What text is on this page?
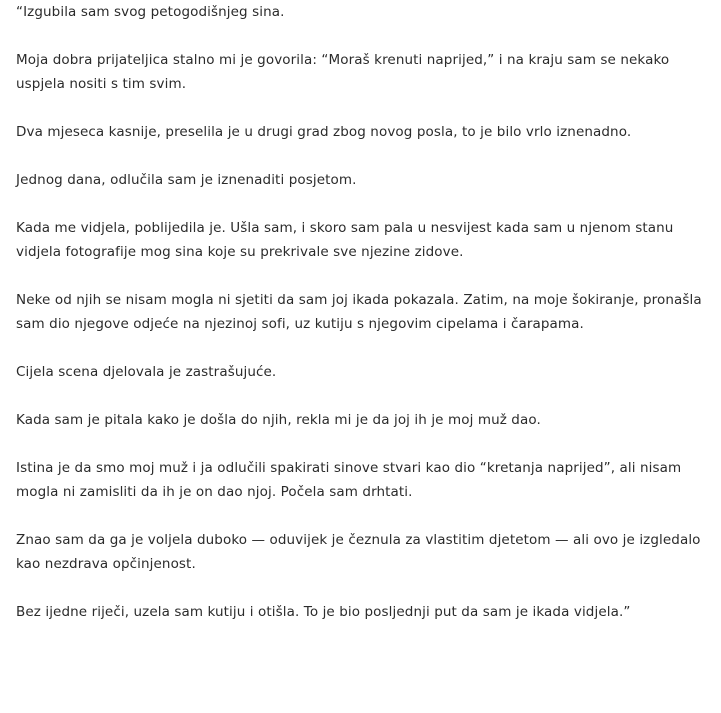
“Izgubila sam svog petogodišnjeg sina.

Moja dobra prijateljica stalno mi je govorila: “Moraš krenuti naprijed,” i na kraju sam se nekako uspjela nositi s tim svim.

Dva mjeseca kasnije, preselila je u drugi grad zbog novog posla, to je bilo vrlo iznenadno.

Jednog dana, odlučila sam je iznenaditi posjetom.

Kada me vidjela, poblijedila je. Ušla sam, i skoro sam pala u nesvijest kada sam u njenom stanu vidjela fotografije mog sina koje su prekrivale sve njezine zidove.

Neke od njih se nisam mogla ni sjetiti da sam joj ikada pokazala. Zatim, na moje šokiranje, pronašla sam dio njegove odjeće na njezinoj sofi, uz kutiju s njegovim cipelama i čarapama.

Cijela scena djelovala je zastrašujuće.

Kada sam je pitala kako je došla do njih, rekla mi je da joj ih je moj muž dao.

Istina je da smo moj muž i ja odlučili spakirati sinove stvari kao dio “kretanja naprijed”, ali nisam mogla ni zamisliti da ih je on dao njoj. Počela sam drhtati.

Znao sam da ga je voljela duboko — oduvijek je čeznula za vlastitim djetetom — ali ovo je izgledalo kao nezdrava opčinjenost.

Bez ijedne riječi, uzela sam kutiju i otišla. To je bio posljednji put da sam je ikada vidjela.”
